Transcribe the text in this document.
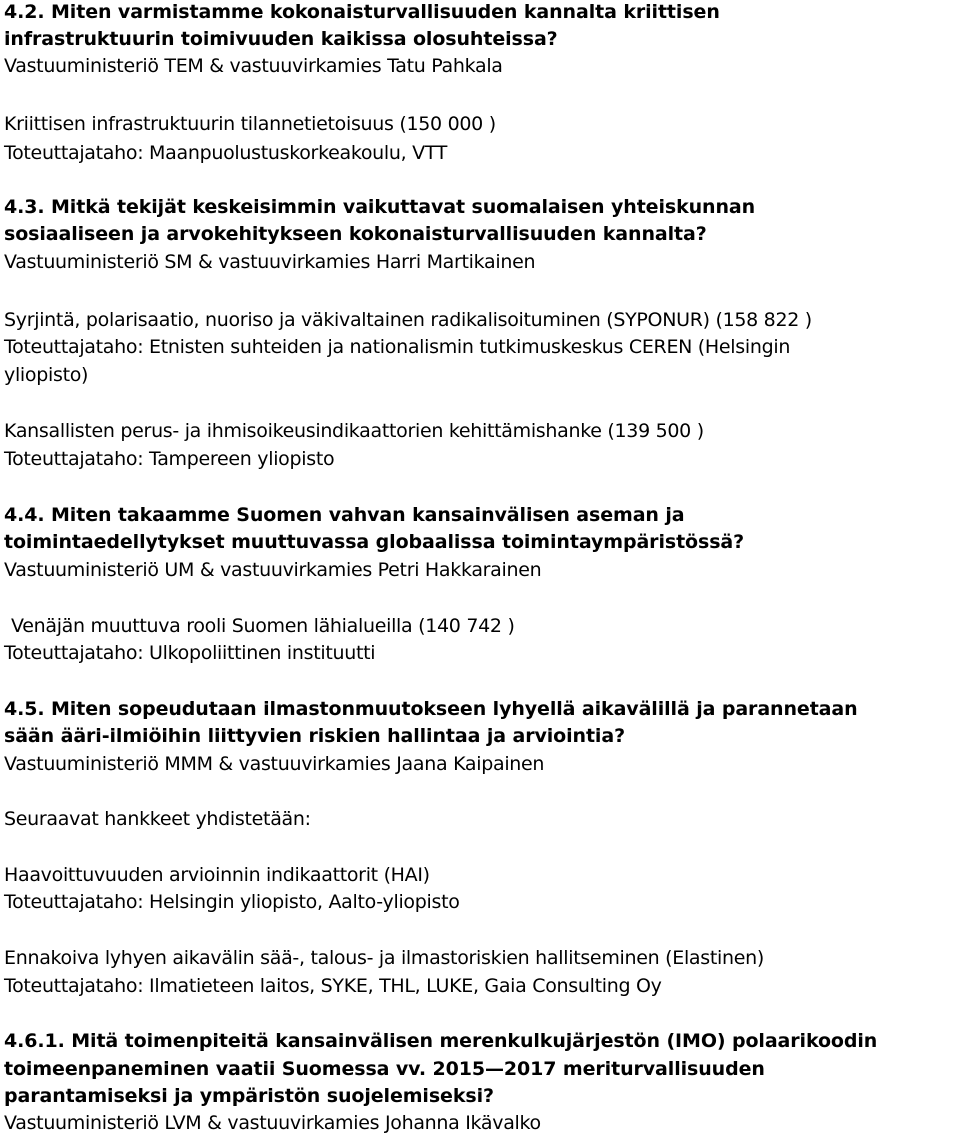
4.2. Miten varmistamme kokonaisturvallisuuden kannalta kriittisen
infrastruktuurin toimivuuden kaikissa olosuhteissa?
Vastuuministeriö TEM & vastuuvirkamies Tatu Pahkala
Kriittisen infrastruktuurin tilannetietoisuus (150 000 )
Toteuttajataho: Maanpuolustuskorkeakoulu, VTT
4.3. Mitkä tekijät keskeisimmin vaikuttavat suomalaisen yhteiskunnan
sosiaaliseen ja arvokehitykseen kokonaisturvallisuuden kannalta?
Vastuuministeriö SM & vastuuvirkamies Harri Martikainen
Syrjintä, polarisaatio, nuoriso ja väkivaltainen radikalisoituminen (SYPONUR) (158 822 )
Toteuttajataho: Etnisten suhteiden ja nationalismin tutkimuskeskus CEREN (Helsingin
yliopisto)
Kansallisten perus- ja ihmisoikeusindikaattorien kehittämishanke (139 500 )
Toteuttajataho: Tampereen yliopisto
4.4. Miten takaamme Suomen vahvan kansainvälisen aseman ja
toimintaedellytykset muuttuvassa globaalissa toimintaympäristössä?
Vastuuministeriö UM & vastuuvirkamies Petri Hakkarainen
Venäjän muuttuva rooli Suomen lähialueilla (140 742 )
Toteuttajataho: Ulkopoliittinen instituutti
4.5. Miten sopeudutaan ilmastonmuutokseen lyhyellä aikavälillä ja parannetaan
sään ääri-ilmiöihin liittyvien riskien hallintaa ja arviointia?
Vastuuministeriö MMM & vastuuvirkamies Jaana Kaipainen
Seuraavat hankkeet yhdistetään:
Haavoittuvuuden arvioinnin indikaattorit (HAI)
Toteuttajataho: Helsingin yliopisto, Aalto-yliopisto
Ennakoiva lyhyen aikavälin sää-, talous- ja ilmastoriskien hallitseminen (Elastinen)
Toteuttajataho: Ilmatieteen laitos, SYKE, THL, LUKE, Gaia Consulting Oy
4.6.1. Mitä toimenpiteitä kansainvälisen merenkulkujärjestön (IMO) polaarikoodin
toimeenpaneminen vaatii Suomessa vv. 2015—2017 meriturvallisuuden
parantamiseksi ja ympäristön suojelemiseksi?
Vastuuministeriö LVM & vastuuvirkamies Johanna Ikävalko
